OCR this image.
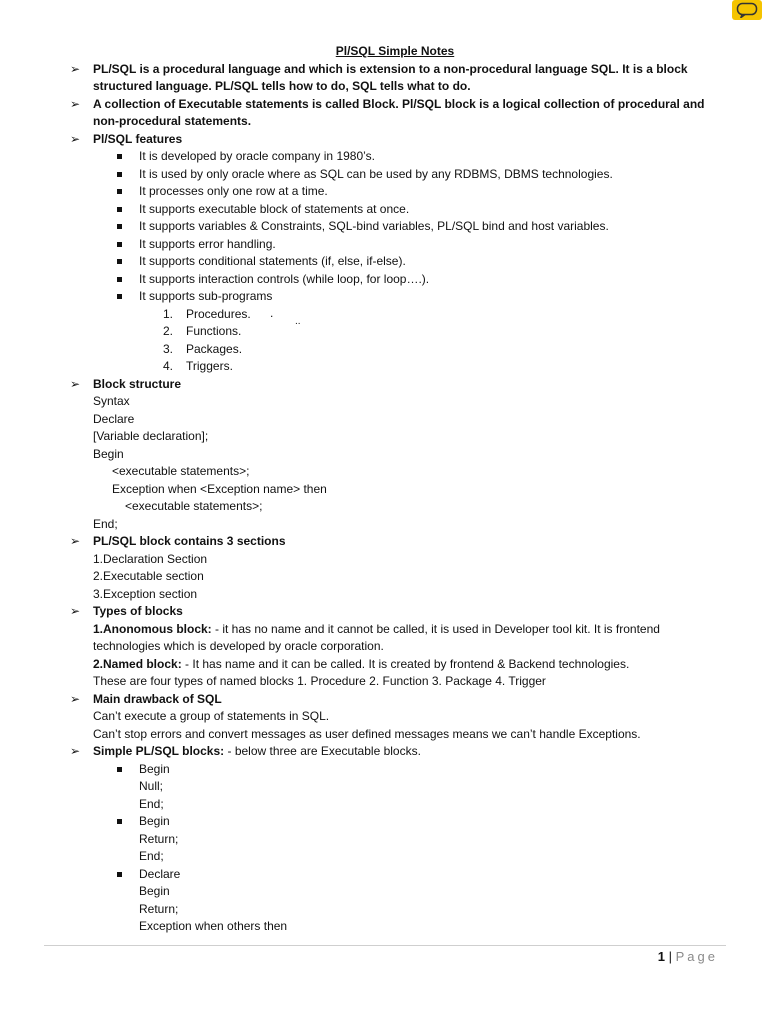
Pl/SQL Simple Notes
➢	PL/SQL is a procedural language and which is extension to a non-procedural language SQL. It is a block
structured language. PL/SQL tells how to do, SQL tells what to do.
➢	A collection of Executable statements is called Block. Pl/SQL block is a logical collection of procedural and
non-procedural statements.
➢	Pl/SQL features
It is developed by oracle company in 1980’s.
It is used by only oracle where as SQL can be used by any RDBMS, DBMS technologies.
It processes only one row at a time.
It supports executable block of statements at once.
It supports variables & Constraints, SQL-bind variables, PL/SQL bind and host variables.
It supports error handling.
It supports conditional statements (if, else, if-else).
It supports interaction controls (while loop, for loop….).
It supports sub-programs
1. Procedures. .
2. Functions.
..
3. Packages.
4. Triggers.
➢	Block structure
Syntax
Declare
[Variable declaration];
Begin
<executable statements>;
Exception when <Exception name> then
<executable statements>;
End;
➢	PL/SQL block contains 3 sections
1.Declaration Section
2.Executable section
3.Exception section
➢	Types of blocks
1.Anonomous block: - it has no name and it cannot be called, it is used in Developer tool kit. It is frontend
technologies which is developed by oracle corporation.
2.Named block: - It has name and it can be called. It is created by frontend & Backend technologies.
These are four types of named blocks 1. Procedure 2. Function 3. Package 4. Trigger
➢	Main drawback of SQL
Can’t execute a group of statements in SQL.
Can’t stop errors and convert messages as user defined messages means we can’t handle Exceptions.
➢	Simple PL/SQL blocks: - below three are Executable blocks.
Begin
Null;
End;
Begin
Return;
End;
Declare
Begin
Return;
Exception when others then
1 | Page
